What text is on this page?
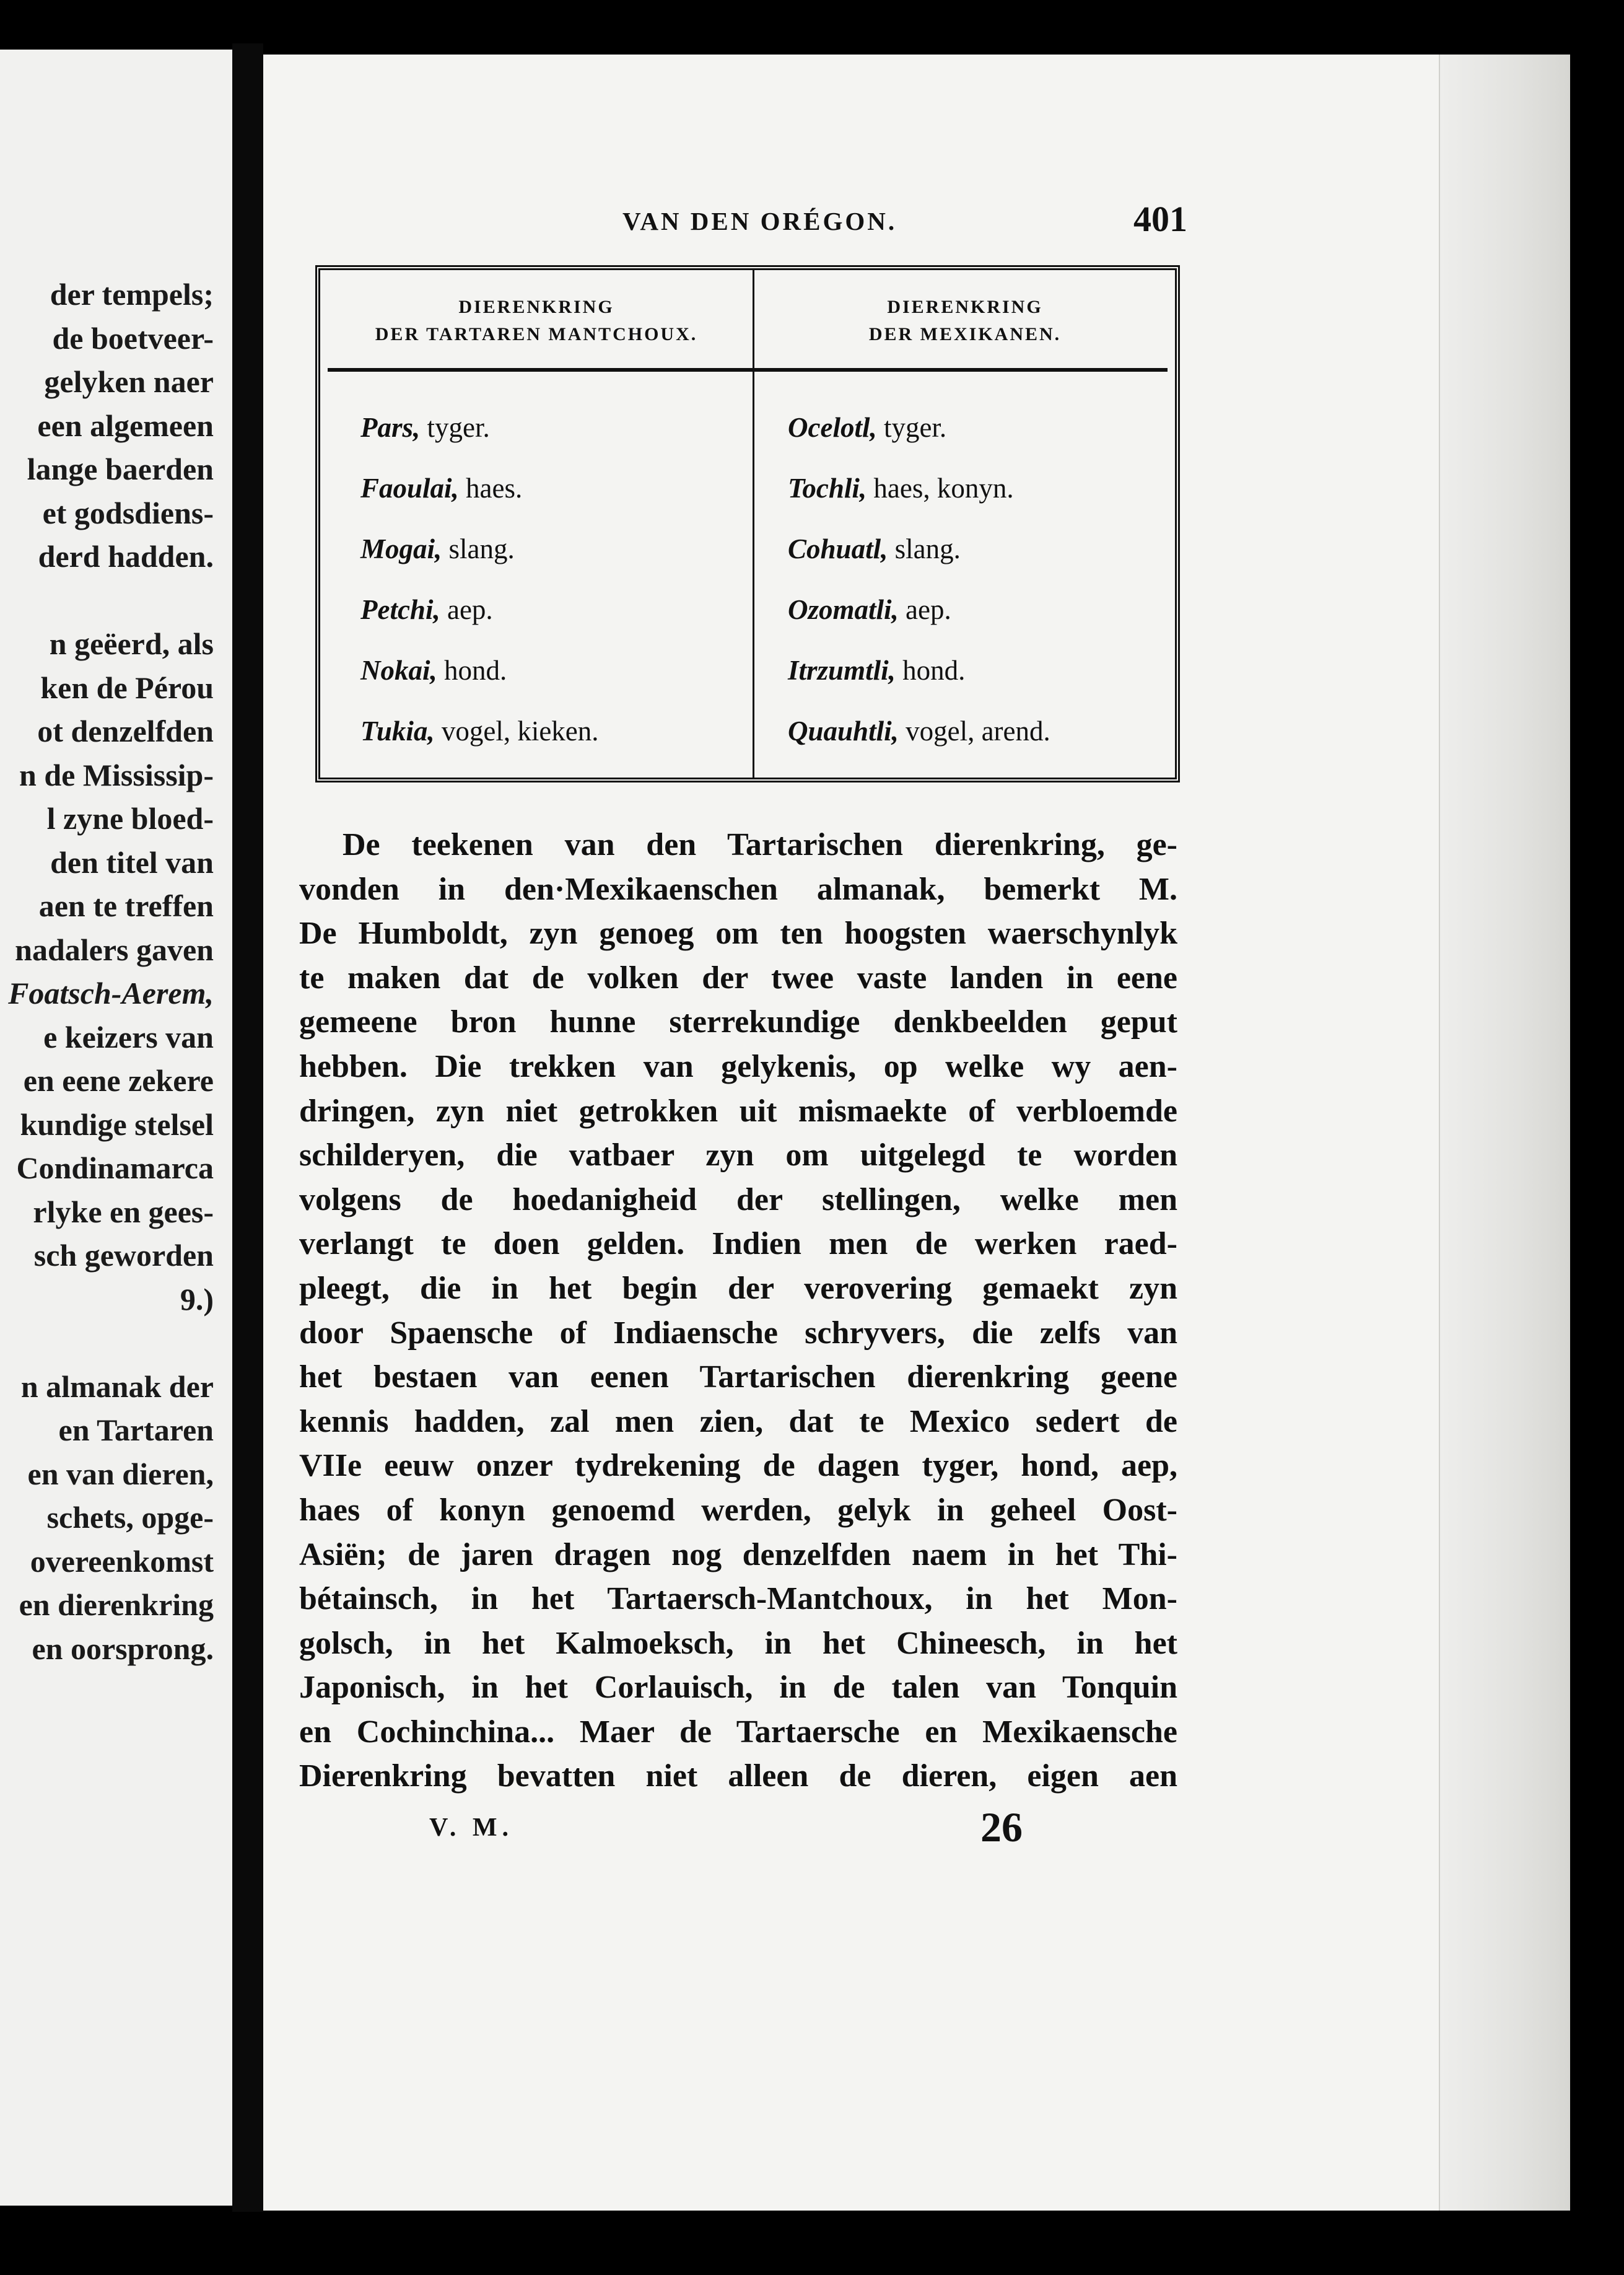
der tempels;
de boetveer-
gelyken naer
een algemeen
lange baerden
et godsdiens-
derd hadden.
n geëerd, als
ken de Pérou
ot denzelfden
n de Mississip-
l zyne bloed-
den titel van
aen te treffen
nadalers gaven
Foatsch-Aerem,
e keizers van
en eene zekere
kundige stelsel
Condinamarca
rlyke en gees-
sch geworden
9.)
n almanak der
en Tartaren
en van dieren,
schets, opge-
overeenkomst
en dierenkring
en oorsprong.
VAN DEN ORÉGON.	401
DIERENKRING
DER TARTAREN MANTCHOUX.
DIERENKRING
DER MEXIKANEN.
Pars, tyger.
Faoulai, haes.
Mogai, slang.
Petchi, aep.
Nokai, hond.
Tukia, vogel, kieken.
Ocelotl, tyger.
Tochli, haes, konyn.
Cohuatl, slang.
Ozomatli, aep.
Itrzumtli, hond.
Quauhtli, vogel, arend.
De teekenen van den Tartarischen dierenkring, ge-
vonden in den·Mexikaenschen almanak, bemerkt M.
De Humboldt, zyn genoeg om ten hoogsten waerschynlyk
te maken dat de volken der twee vaste landen in eene
gemeene bron hunne sterrekundige denkbeelden geput
hebben. Die trekken van gelykenis, op welke wy aen-
dringen, zyn niet getrokken uit mismaekte of verbloemde
schilderyen, die vatbaer zyn om uitgelegd te worden
volgens de hoedanigheid der stellingen, welke men
verlangt te doen gelden. Indien men de werken raed-
pleegt, die in het begin der verovering gemaekt zyn
door Spaensche of Indiaensche schryvers, die zelfs van
het bestaen van eenen Tartarischen dierenkring geene
kennis hadden, zal men zien, dat te Mexico sedert de
VIIe eeuw onzer tydrekening de dagen tyger, hond, aep,
haes of konyn genoemd werden, gelyk in geheel Oost-
Asiën; de jaren dragen nog denzelfden naem in het Thi-
bétainsch, in het Tartaersch-Mantchoux, in het Mon-
golsch, in het Kalmoeksch, in het Chineesch, in het
Japonisch, in het Corlauisch, in de talen van Tonquin
en Cochinchina... Maer de Tartaersche en Mexikaensche
Dierenkring bevatten niet alleen de dieren, eigen aen
V. M.	26
